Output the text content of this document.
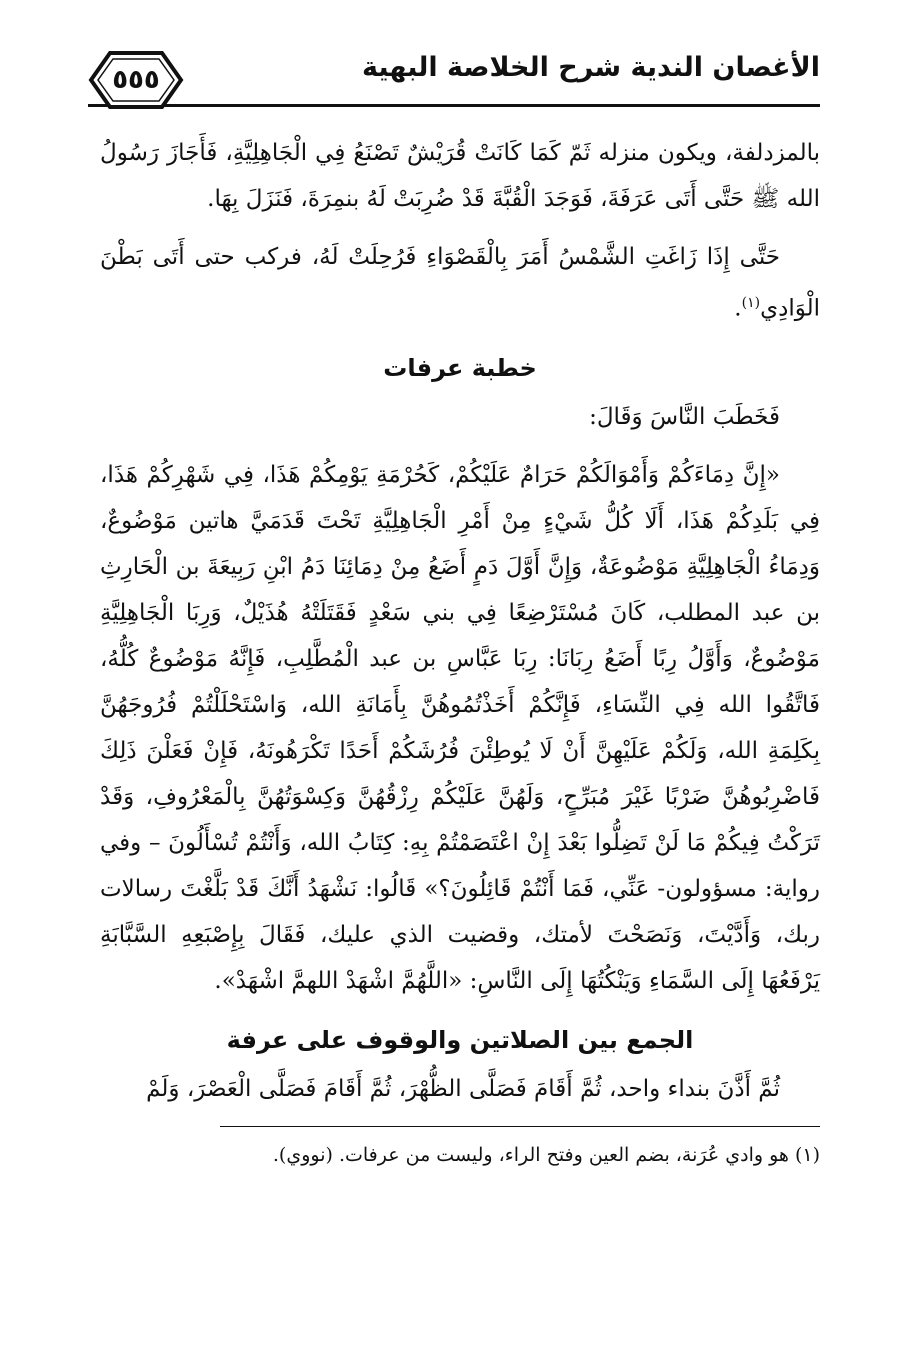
الأغصان الندية شرح الخلاصة البهية
٥٥٥

بالمزدلفة، ويكون منزله ثَمّ كَمَا كَانَتْ قُرَيْشٌ تَصْنَعُ فِي الْجَاهِلِيَّةِ، فَأَجَازَ رَسُولُ الله ﷺ حَتَّى أَتَى عَرَفَةَ، فَوَجَدَ الْقُبَّةَ قَدْ ضُرِبَتْ لَهُ بنمِرَةَ، فَنَزَلَ بِهَا.

حَتَّى إِذَا زَاغَتِ الشَّمْسُ أَمَرَ بِالْقَصْوَاءِ فَرُحِلَتْ لَهُ، فركب حتى أَتَى بَطْنَ الْوَادِي$^{(١)}$.

خطبة عرفات

فَخَطَبَ النَّاسَ وَقَالَ:

«إِنَّ دِمَاءَكُمْ وَأَمْوَالَكُمْ حَرَامٌ عَلَيْكُمْ، كَحُرْمَةِ يَوْمِكُمْ هَذَا، فِي شَهْرِكُمْ هَذَا، فِي بَلَدِكُمْ هَذَا، أَلَا كُلُّ شَيْءٍ مِنْ أَمْرِ الْجَاهِلِيَّةِ تَحْتَ قَدَمَيَّ هاتين مَوْضُوعٌ، وَدِمَاءُ الْجَاهِلِيَّةِ مَوْضُوعَةٌ، وَإِنَّ أَوَّلَ دَمٍ أَضَعُ مِنْ دِمَائِنَا دَمُ ابْنِ رَبِيعَةَ بن الْحَارِثِ بن عبد المطلب، كَانَ مُسْتَرْضِعًا فِي بني سَعْدٍ فَقَتَلَتْهُ هُذَيْلٌ، وَرِبَا الْجَاهِلِيَّةِ مَوْضُوعٌ، وَأَوَّلُ رِبًا أَضَعُ رِبَانَا: رِبَا عَبَّاسِ بن عبد الْمُطَّلِبِ، فَإِنَّهُ مَوْضُوعٌ كُلُّهُ، فَاتَّقُوا الله فِي النِّسَاءِ، فَإِنَّكُمْ أَخَذْتُمُوهُنَّ بِأَمَانَةِ الله، وَاسْتَحْلَلْتُمْ فُرُوجَهُنَّ بِكَلِمَةِ الله، وَلَكُمْ عَلَيْهِنَّ أَنْ لَا يُوطِئْنَ فُرُشَكُمْ أَحَدًا تَكْرَهُونَهُ، فَإِنْ فَعَلْنَ ذَلِكَ فَاضْرِبُوهُنَّ ضَرْبًا غَيْرَ مُبَرِّحٍ، وَلَهُنَّ عَلَيْكُمْ رِزْقُهُنَّ وَكِسْوَتُهُنَّ بِالْمَعْرُوفِ، وَقَدْ تَرَكْتُ فِيكُمْ مَا لَنْ تَضِلُّوا بَعْدَ إِنْ اعْتَصَمْتُمْ بِهِ: كِتَابُ الله، وَأَنْتُمْ تُسْأَلُونَ – وفي رواية: مسؤولون- عَنِّي، فَمَا أَنْتُمْ قَائِلُونَ؟» قَالُوا: نَشْهَدُ أَنَّكَ قَدْ بَلَّغْتَ رسالات ربك، وَأَدَّيْتَ، وَنَصَحْتَ لأمتك، وقضيت الذي عليك، فَقَالَ بِإِصْبَعِهِ السَّبَّابَةِ يَرْفَعُهَا إِلَى السَّمَاءِ وَيَنْكُتُهَا إِلَى النَّاسِ: «اللَّهُمَّ اشْهَدْ اللهمَّ اشْهَدْ».

الجمع بين الصلاتين والوقوف على عرفة

ثُمَّ أَذَّنَ بنداء واحد، ثُمَّ أَقَامَ فَصَلَّى الظُّهْرَ، ثُمَّ أَقَامَ فَصَلَّى الْعَصْرَ، وَلَمْ

(١) هو وادي عُرَنة، بضم العين وفتح الراء، وليست من عرفات. (نووي).
